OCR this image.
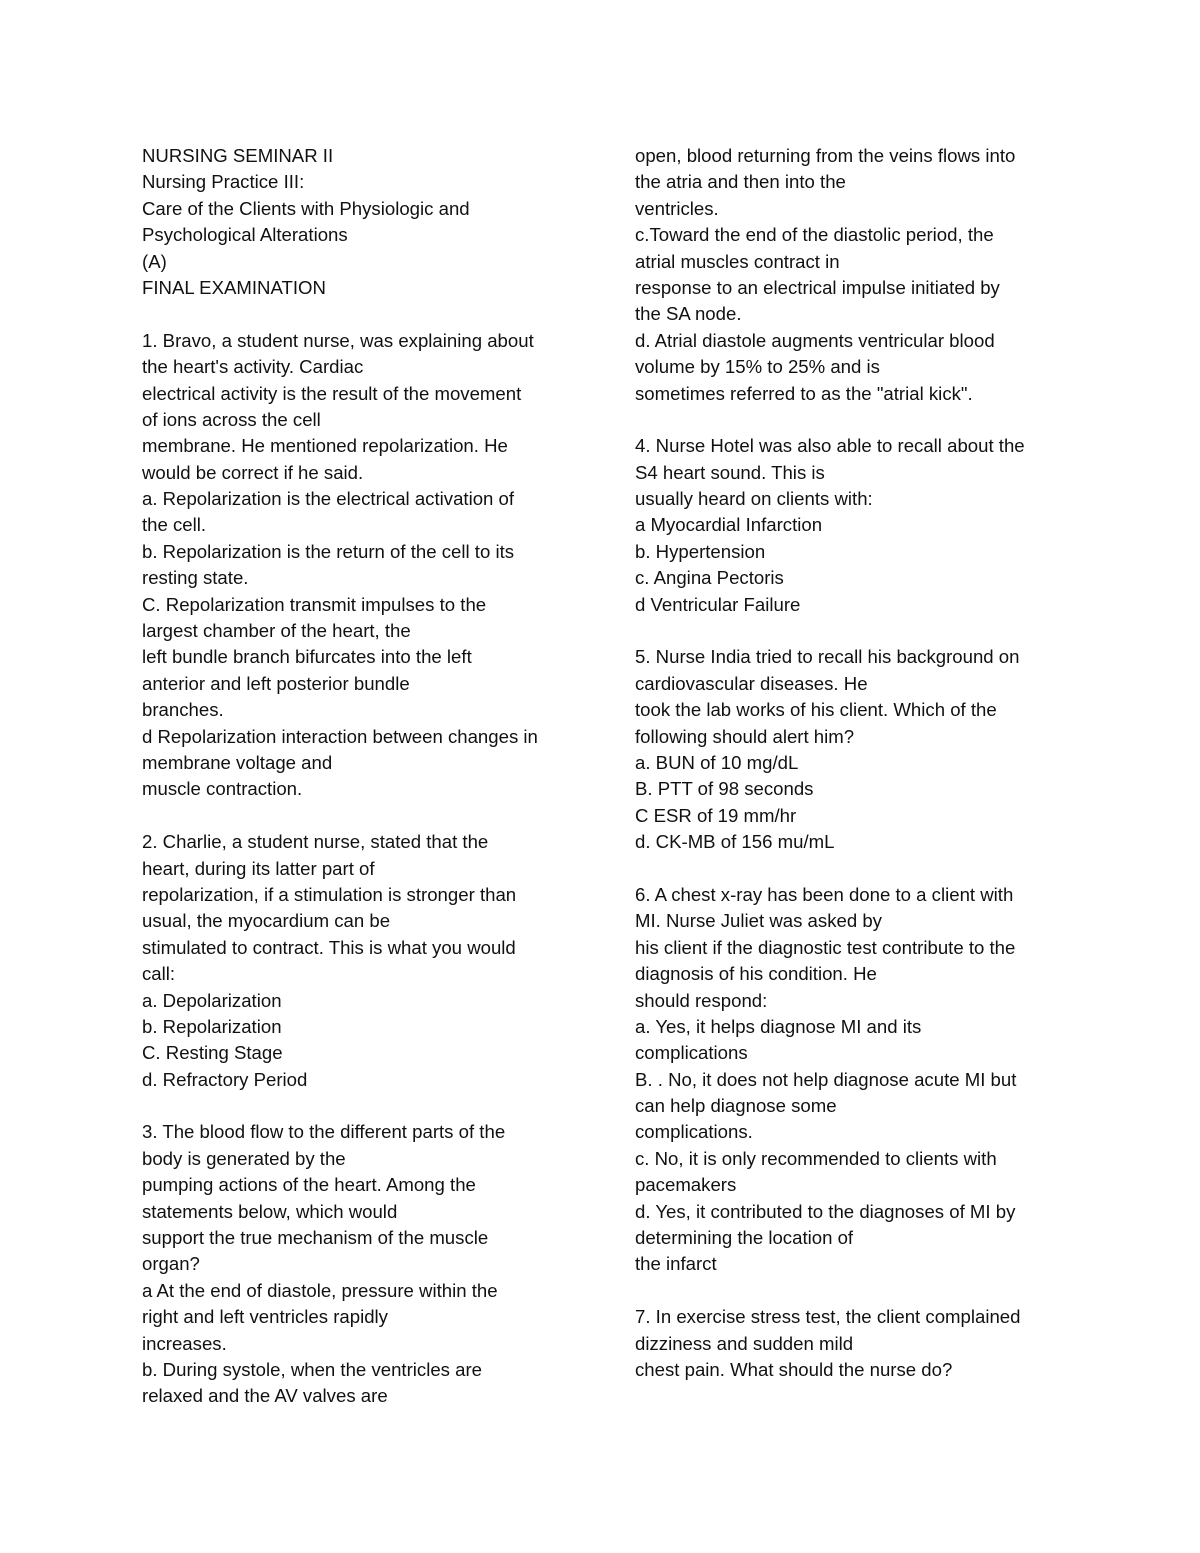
NURSING SEMINAR II
Nursing Practice III:
Care of the Clients with Physiologic and
Psychological Alterations
(A)
FINAL EXAMINATION
1. Bravo, a student nurse, was explaining about
the heart's activity. Cardiac
electrical activity is the result of the movement
of ions across the cell
membrane. He mentioned repolarization. He
would be correct if he said.
a. Repolarization is the electrical activation of
the cell.
b. Repolarization is the return of the cell to its
resting state.
C. Repolarization transmit impulses to the
largest chamber of the heart, the
left bundle branch bifurcates into the left
anterior and left posterior bundle
branches.
d Repolarization interaction between changes in
membrane voltage and
muscle contraction.
2. Charlie, a student nurse, stated that the
heart, during its latter part of
repolarization, if a stimulation is stronger than
usual, the myocardium can be
stimulated to contract. This is what you would
call:
a. Depolarization
b. Repolarization
C. Resting Stage
d. Refractory Period
3. The blood flow to the different parts of the
body is generated by the
pumping actions of the heart. Among the
statements below, which would
support the true mechanism of the muscle
organ?
a At the end of diastole, pressure within the
right and left ventricles rapidly
increases.
b. During systole, when the ventricles are
relaxed and the AV valves are
open, blood returning from the veins flows into
the atria and then into the
ventricles.
c.Toward the end of the diastolic period, the
atrial muscles contract in
response to an electrical impulse initiated by
the SA node.
d. Atrial diastole augments ventricular blood
volume by 15% to 25% and is
sometimes referred to as the "atrial kick".
4. Nurse Hotel was also able to recall about the
S4 heart sound. This is
usually heard on clients with:
a Myocardial Infarction
b. Hypertension
c. Angina Pectoris
d Ventricular Failure
5. Nurse India tried to recall his background on
cardiovascular diseases. He
took the lab works of his client. Which of the
following should alert him?
a. BUN of 10 mg/dL
B. PTT of 98 seconds
C ESR of 19 mm/hr
d. CK-MB of 156 mu/mL
6. A chest x-ray has been done to a client with
MI. Nurse Juliet was asked by
his client if the diagnostic test contribute to the
diagnosis of his condition. He
should respond:
a. Yes, it helps diagnose MI and its
complications
B. . No, it does not help diagnose acute MI but
can help diagnose some
complications.
c. No, it is only recommended to clients with
pacemakers
d. Yes, it contributed to the diagnoses of MI by
determining the location of
the infarct
7. In exercise stress test, the client complained
dizziness and sudden mild
chest pain. What should the nurse do?
